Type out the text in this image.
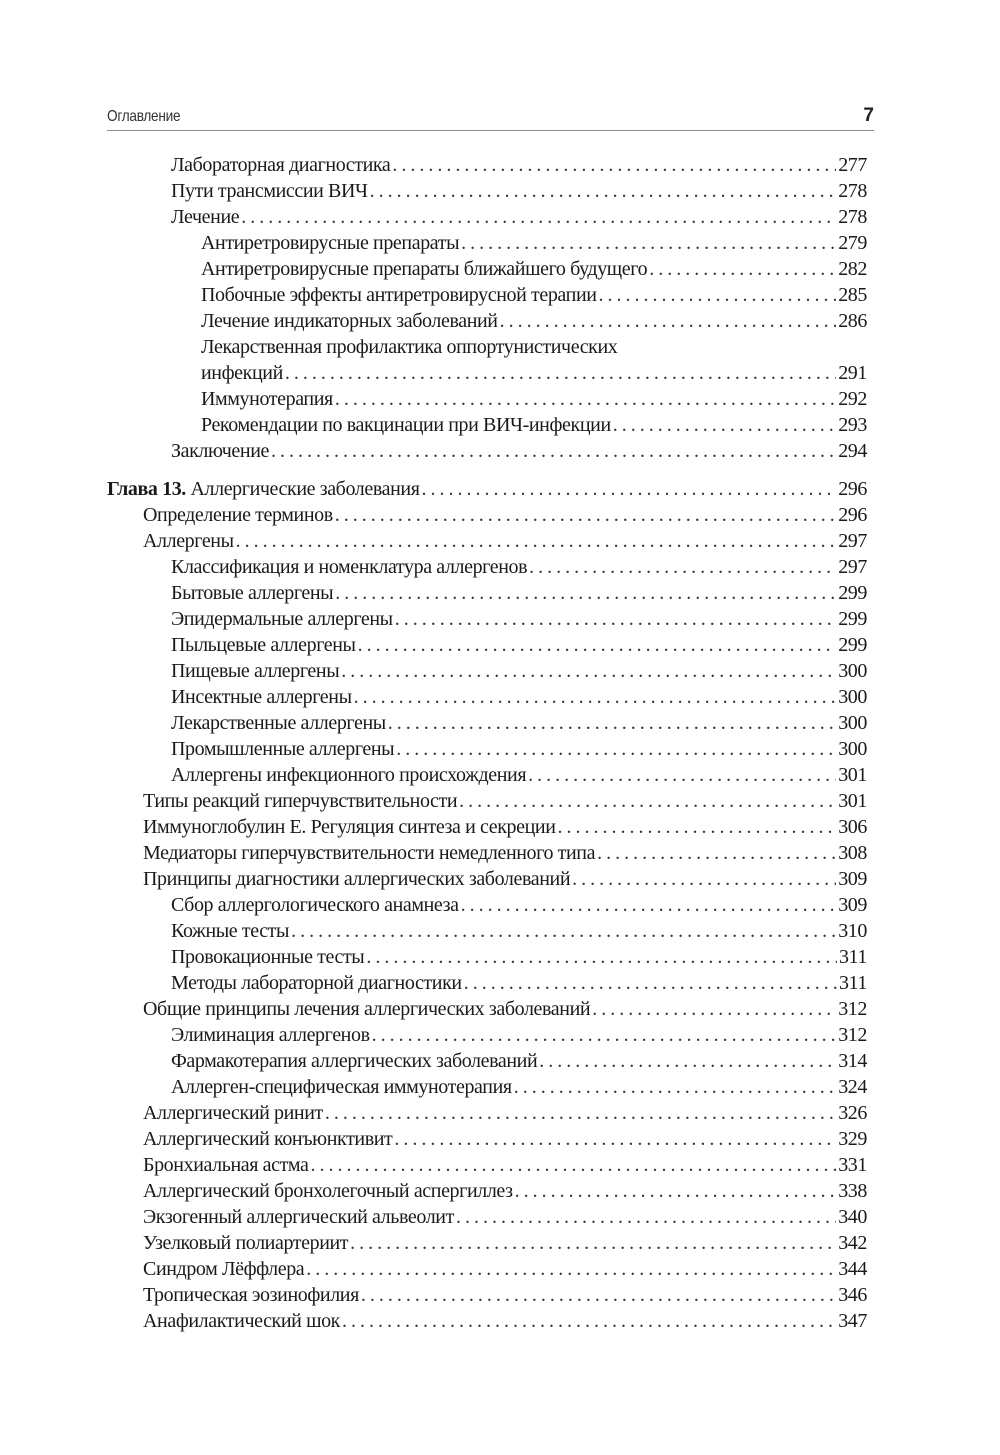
Оглавление	7
Лабораторная диагностика . . .	277
Пути трансмиссии ВИЧ . . .	278
Лечение . . .	278
Антиретровирусные препараты . . .	279
Антиретровирусные препараты ближайшего будущего . . .	282
Побочные эффекты антиретровирусной терапии . . .	285
Лечение индикаторных заболеваний . . .	286
Лекарственная профилактика оппортунистических
инфекций . . .	291
Иммунотерапия . . .	292
Рекомендации по вакцинации при ВИЧ-инфекции . . .	293
Заключение . . .	294
Глава 13. Аллергические заболевания . . .	296
Определение терминов . . .	296
Аллергены . . .	297
Классификация и номенклатура аллергенов . . .	297
Бытовые аллергены . . .	299
Эпидермальные аллергены . . .	299
Пыльцевые аллергены . . .	299
Пищевые аллергены . . .	300
Инсектные аллергены . . .	300
Лекарственные аллергены . . .	300
Промышленные аллергены . . .	300
Аллергены инфекционного происхождения . . .	301
Типы реакций гиперчувствительности . . .	301
Иммуноглобулин Е. Регуляция синтеза и секреции . . .	306
Медиаторы гиперчувствительности немедленного типа . . .	308
Принципы диагностики аллергических заболеваний . . .	309
Сбор аллергологического анамнеза . . .	309
Кожные тесты . . .	310
Провокационные тесты . . .	311
Методы лабораторной диагностики . . .	311
Общие принципы лечения аллергических заболеваний . . .	312
Элиминация аллергенов . . .	312
Фармакотерапия аллергических заболеваний . . .	314
Аллерген-специфическая иммунотерапия . . .	324
Аллергический ринит . . .	326
Аллергический конъюнктивит . . .	329
Бронхиальная астма . . .	331
Аллергический бронхолегочный аспергиллез . . .	338
Экзогенный аллергический альвеолит . . .	340
Узелковый полиартериит . . .	342
Синдром Лёффлера . . .	344
Тропическая эозинофилия . . .	346
Анафилактический шок . . .	347
